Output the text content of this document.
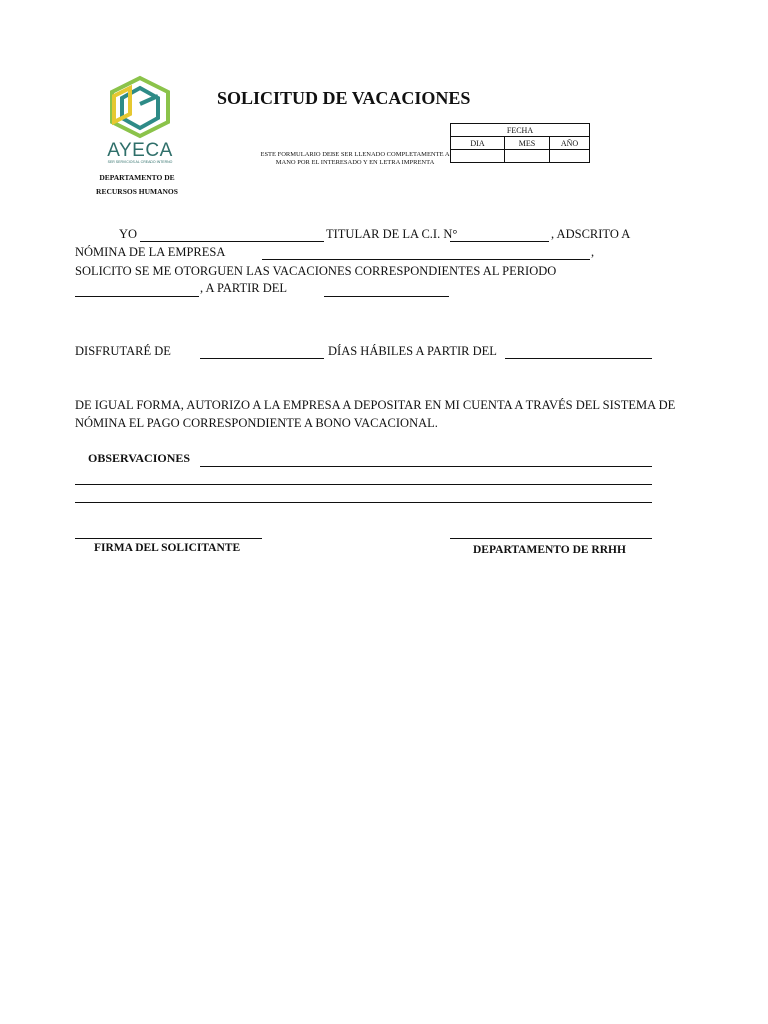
AYECA
SER SERVICIOS AL CREADO INTERNO
DEPARTAMENTO DE
RECURSOS HUMANOS
SOLICITUD DE VACACIONES
ESTE FORMULARIO DEBE SER LLENADO COMPLETAMENTE A MANO POR EL INTERESADO Y EN LETRA IMPRENTA
FECHA		
DIA	MES	AÑO

YO	TITULAR DE LA C.I. N°	, ADSCRITO A
NÓMINA DE LA EMPRESA	,
SOLICITO SE ME OTORGUEN LAS VACACIONES CORRESPONDIENTES AL PERIODO
, A PARTIR DEL
DISFRUTARÉ DE	DÍAS HÁBILES A PARTIR DEL
DE IGUAL FORMA, AUTORIZO A LA EMPRESA A DEPOSITAR EN MI CUENTA A TRAVÉS DEL SISTEMA DE
NÓMINA EL PAGO CORRESPONDIENTE A BONO VACACIONAL.
OBSERVACIONES
FIRMA DEL SOLICITANTE	DEPARTAMENTO DE RRHH
